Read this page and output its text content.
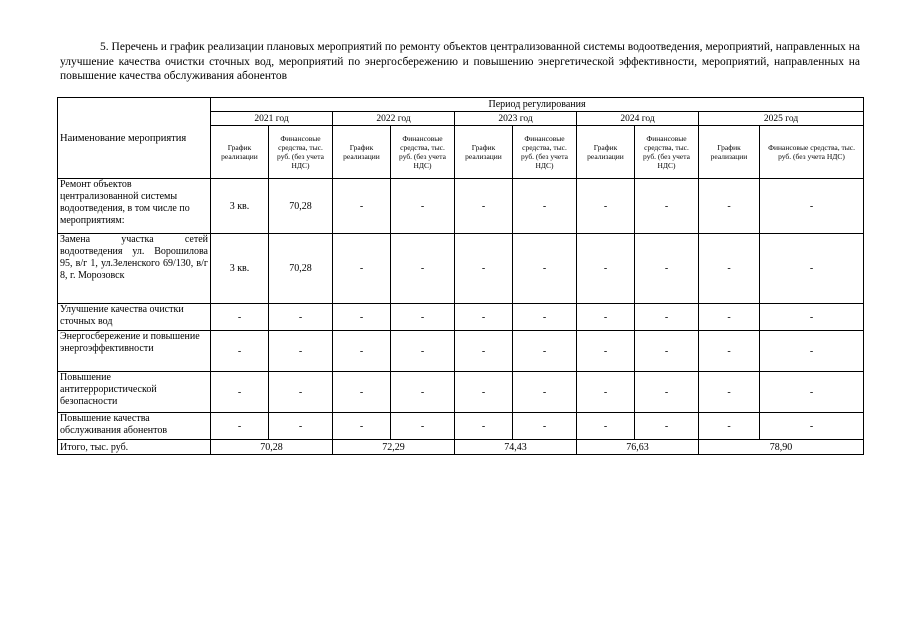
5. Перечень и график реализации плановых мероприятий по ремонту объектов централизованной системы водоотведения, мероприятий, направленных на улучшение качества очистки сточных вод, мероприятий по энергосбережению и повышению энергетической эффективности, мероприятий, направленных на повышение качества обслуживания абонентов
Наименование мероприятия	Период регулирования									
	2021 год		2022 год		2023 год		2024 год		2025 год	
	График реализации	Финансовые средства, тыс. руб. (без учета НДС)	График реализации	Финансовые средства, тыс. руб. (без учета НДС)	График реализации	Финансовые средства, тыс. руб. (без учета НДС)	График реализации	Финансовые средства, тыс. руб. (без учета НДС)	График реализации	Финансовые средства, тыс. руб. (без учета НДС)
Ремонт объектов централизованной системы водоотведения, в том числе по мероприятиям:	3 кв.	70,28	-	-	-	-	-	-	-	-
Замена участка сетей водоотведения ул. Ворошилова 95, в/г 1, ул.Зеленского 69/130, в/г 8, г. Морозовск	3 кв.	70,28	-	-	-	-	-	-	-	-
Улучшение качества очистки сточных вод	-	-	-	-	-	-	-	-	-	-
Энергосбережение и повышение энергоэффективности	-	-	-	-	-	-	-	-	-	-
Повышение антитеррористической безопасности	-	-	-	-	-	-	-	-	-	-
Повышение качества обслуживания абонентов	-	-	-	-	-	-	-	-	-	-
Итого, тыс. руб.	70,28		72,29		74,43		76,63		78,90	
